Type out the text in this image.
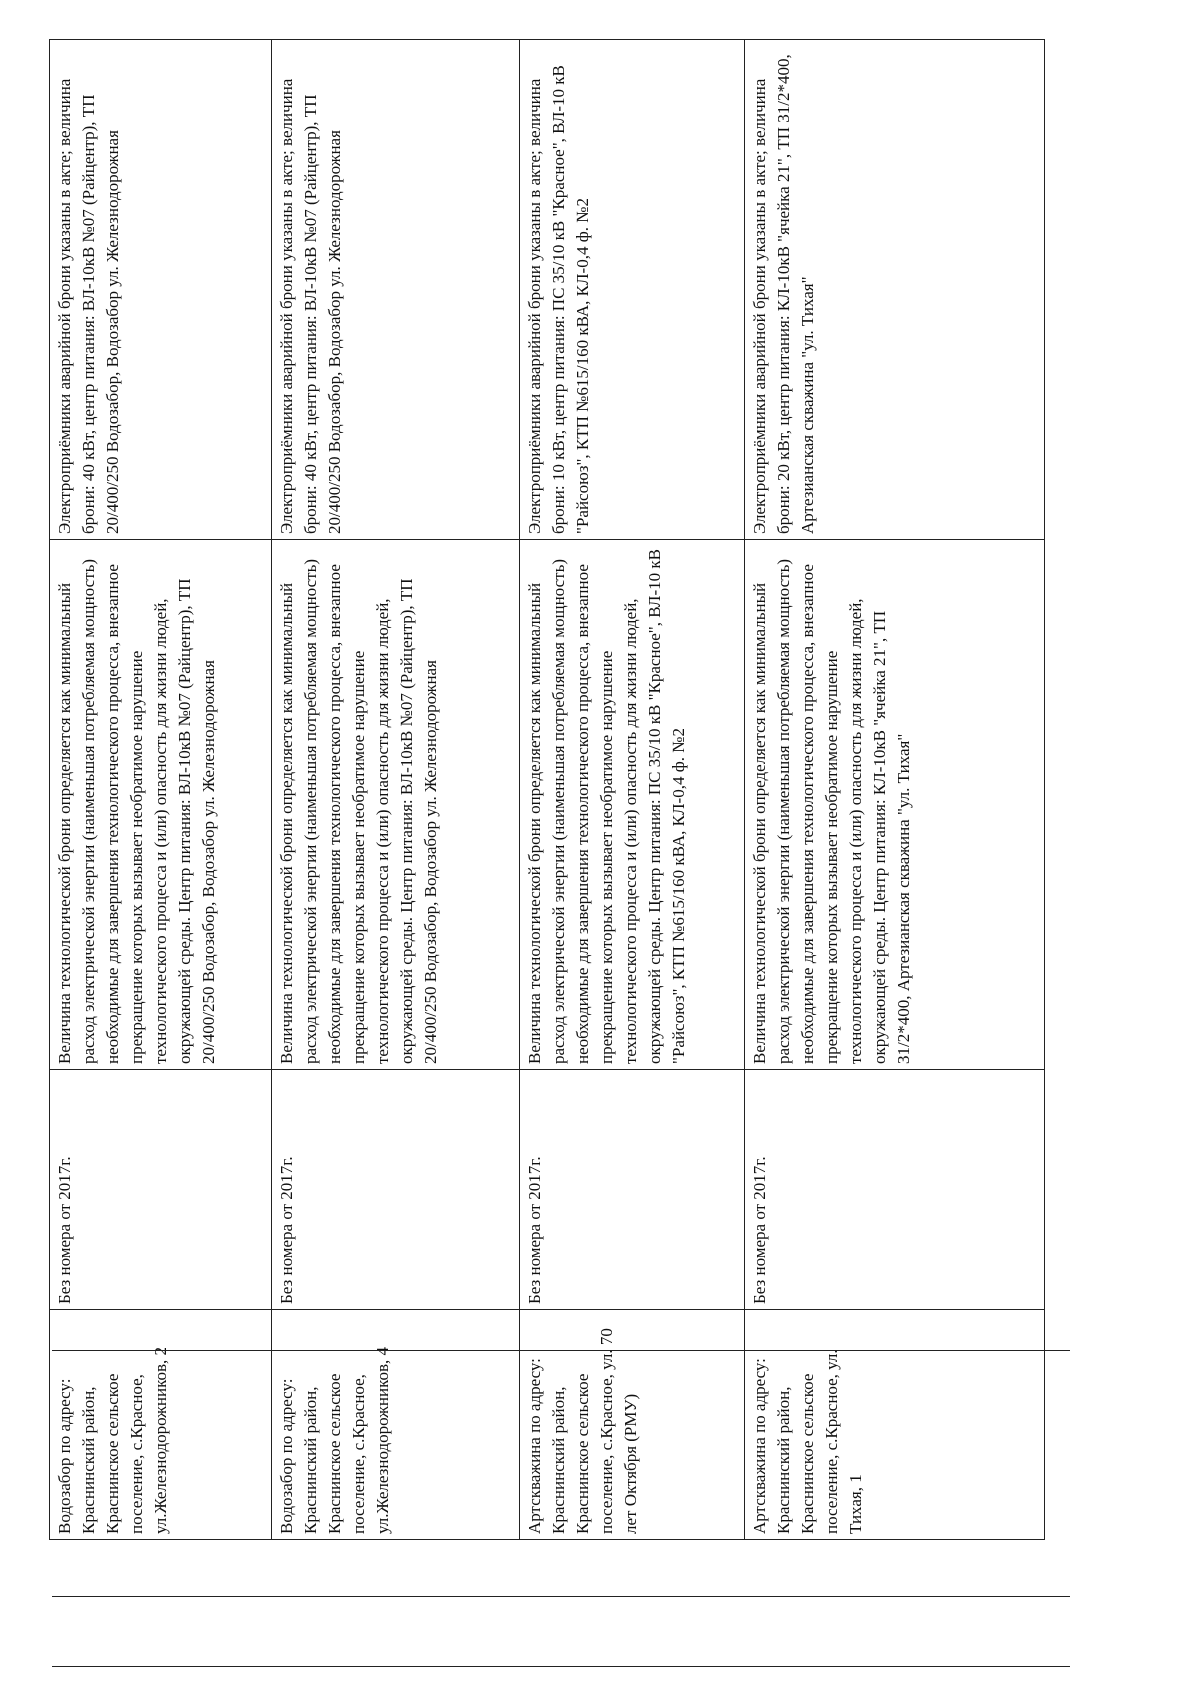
Водозабор по адресу: Краснинский район, Краснинское сельское поселение, с.Красное, ул.Железнодорожников, 2	Без номера от 2017г.	Величина технологической брони определяется как минимальный расход электрической энергии (наименьшая потребляемая мощность) необходимые для завершения технологического процесса, внезапное прекращение которых вызывает необратимое нарушение технологического процесса и (или) опасность для жизни людей, окружающей среды. Центр питания: ВЛ-10кВ №07 (Райцентр), ТП 20/400/250 Водозабор, Водозабор ул. Железнодорожная	Электроприёмники аварийной брони указаны в акте; величина брони: 40 кВт, центр питания: ВЛ-10кВ №07 (Райцентр), ТП 20/400/250 Водозабор, Водозабор ул. Железнодорожная
Водозабор по адресу: Краснинский район, Краснинское сельское поселение, с.Красное, ул.Железнодорожников, 4	Без номера от 2017г.	Величина технологической брони определяется как минимальный расход электрической энергии (наименьшая потребляемая мощность) необходимые для завершения технологического процесса, внезапное прекращение которых вызывает необратимое нарушение технологического процесса и (или) опасность для жизни людей, окружающей среды. Центр питания: ВЛ-10кВ №07 (Райцентр), ТП 20/400/250 Водозабор, Водозабор ул. Железнодорожная	Электроприёмники аварийной брони указаны в акте; величина брони: 40 кВт, центр питания: ВЛ-10кВ №07 (Райцентр), ТП 20/400/250 Водозабор, Водозабор ул. Железнодорожная
Артскважина по адресу: Краснинский район, Краснинское сельское поселение, с.Красное, ул. 70 лет Октября (РМУ)	Без номера от 2017г.	Величина технологической брони определяется как минимальный расход электрической энергии (наименьшая потребляемая мощность) необходимые для завершения технологического процесса, внезапное прекращение которых вызывает необратимое нарушение технологического процесса и (или) опасность для жизни людей, окружающей среды. Центр питания: ПС 35/10 кВ "Красное", ВЛ-10 кВ "Райсоюз", КТП №615/160 кВА, КЛ-0,4 ф. №2	Электроприёмники аварийной брони указаны в акте; величина брони: 10 кВт, центр питания: ПС 35/10 кВ "Красное", ВЛ-10 кВ "Райсоюз", КТП №615/160 кВА, КЛ-0,4 ф. №2
Артскважина по адресу: Краснинский район, Краснинское сельское поселение, с.Красное, ул. Тихая, 1	Без номера от 2017г.	Величина технологической брони определяется как минимальный расход электрической энергии (наименьшая потребляемая мощность) необходимые для завершения технологического процесса, внезапное прекращение которых вызывает необратимое нарушение технологического процесса и (или) опасность для жизни людей, окружающей среды. Центр питания: КЛ-10кВ "ячейка 21", ТП 31/2*400, Артезианская скважина "ул. Тихая"	Электроприёмники аварийной брони указаны в акте; величина брони: 20 кВт, центр питания: КЛ-10кВ "ячейка 21", ТП 31/2*400, Артезианская скважина "ул. Тихая"
